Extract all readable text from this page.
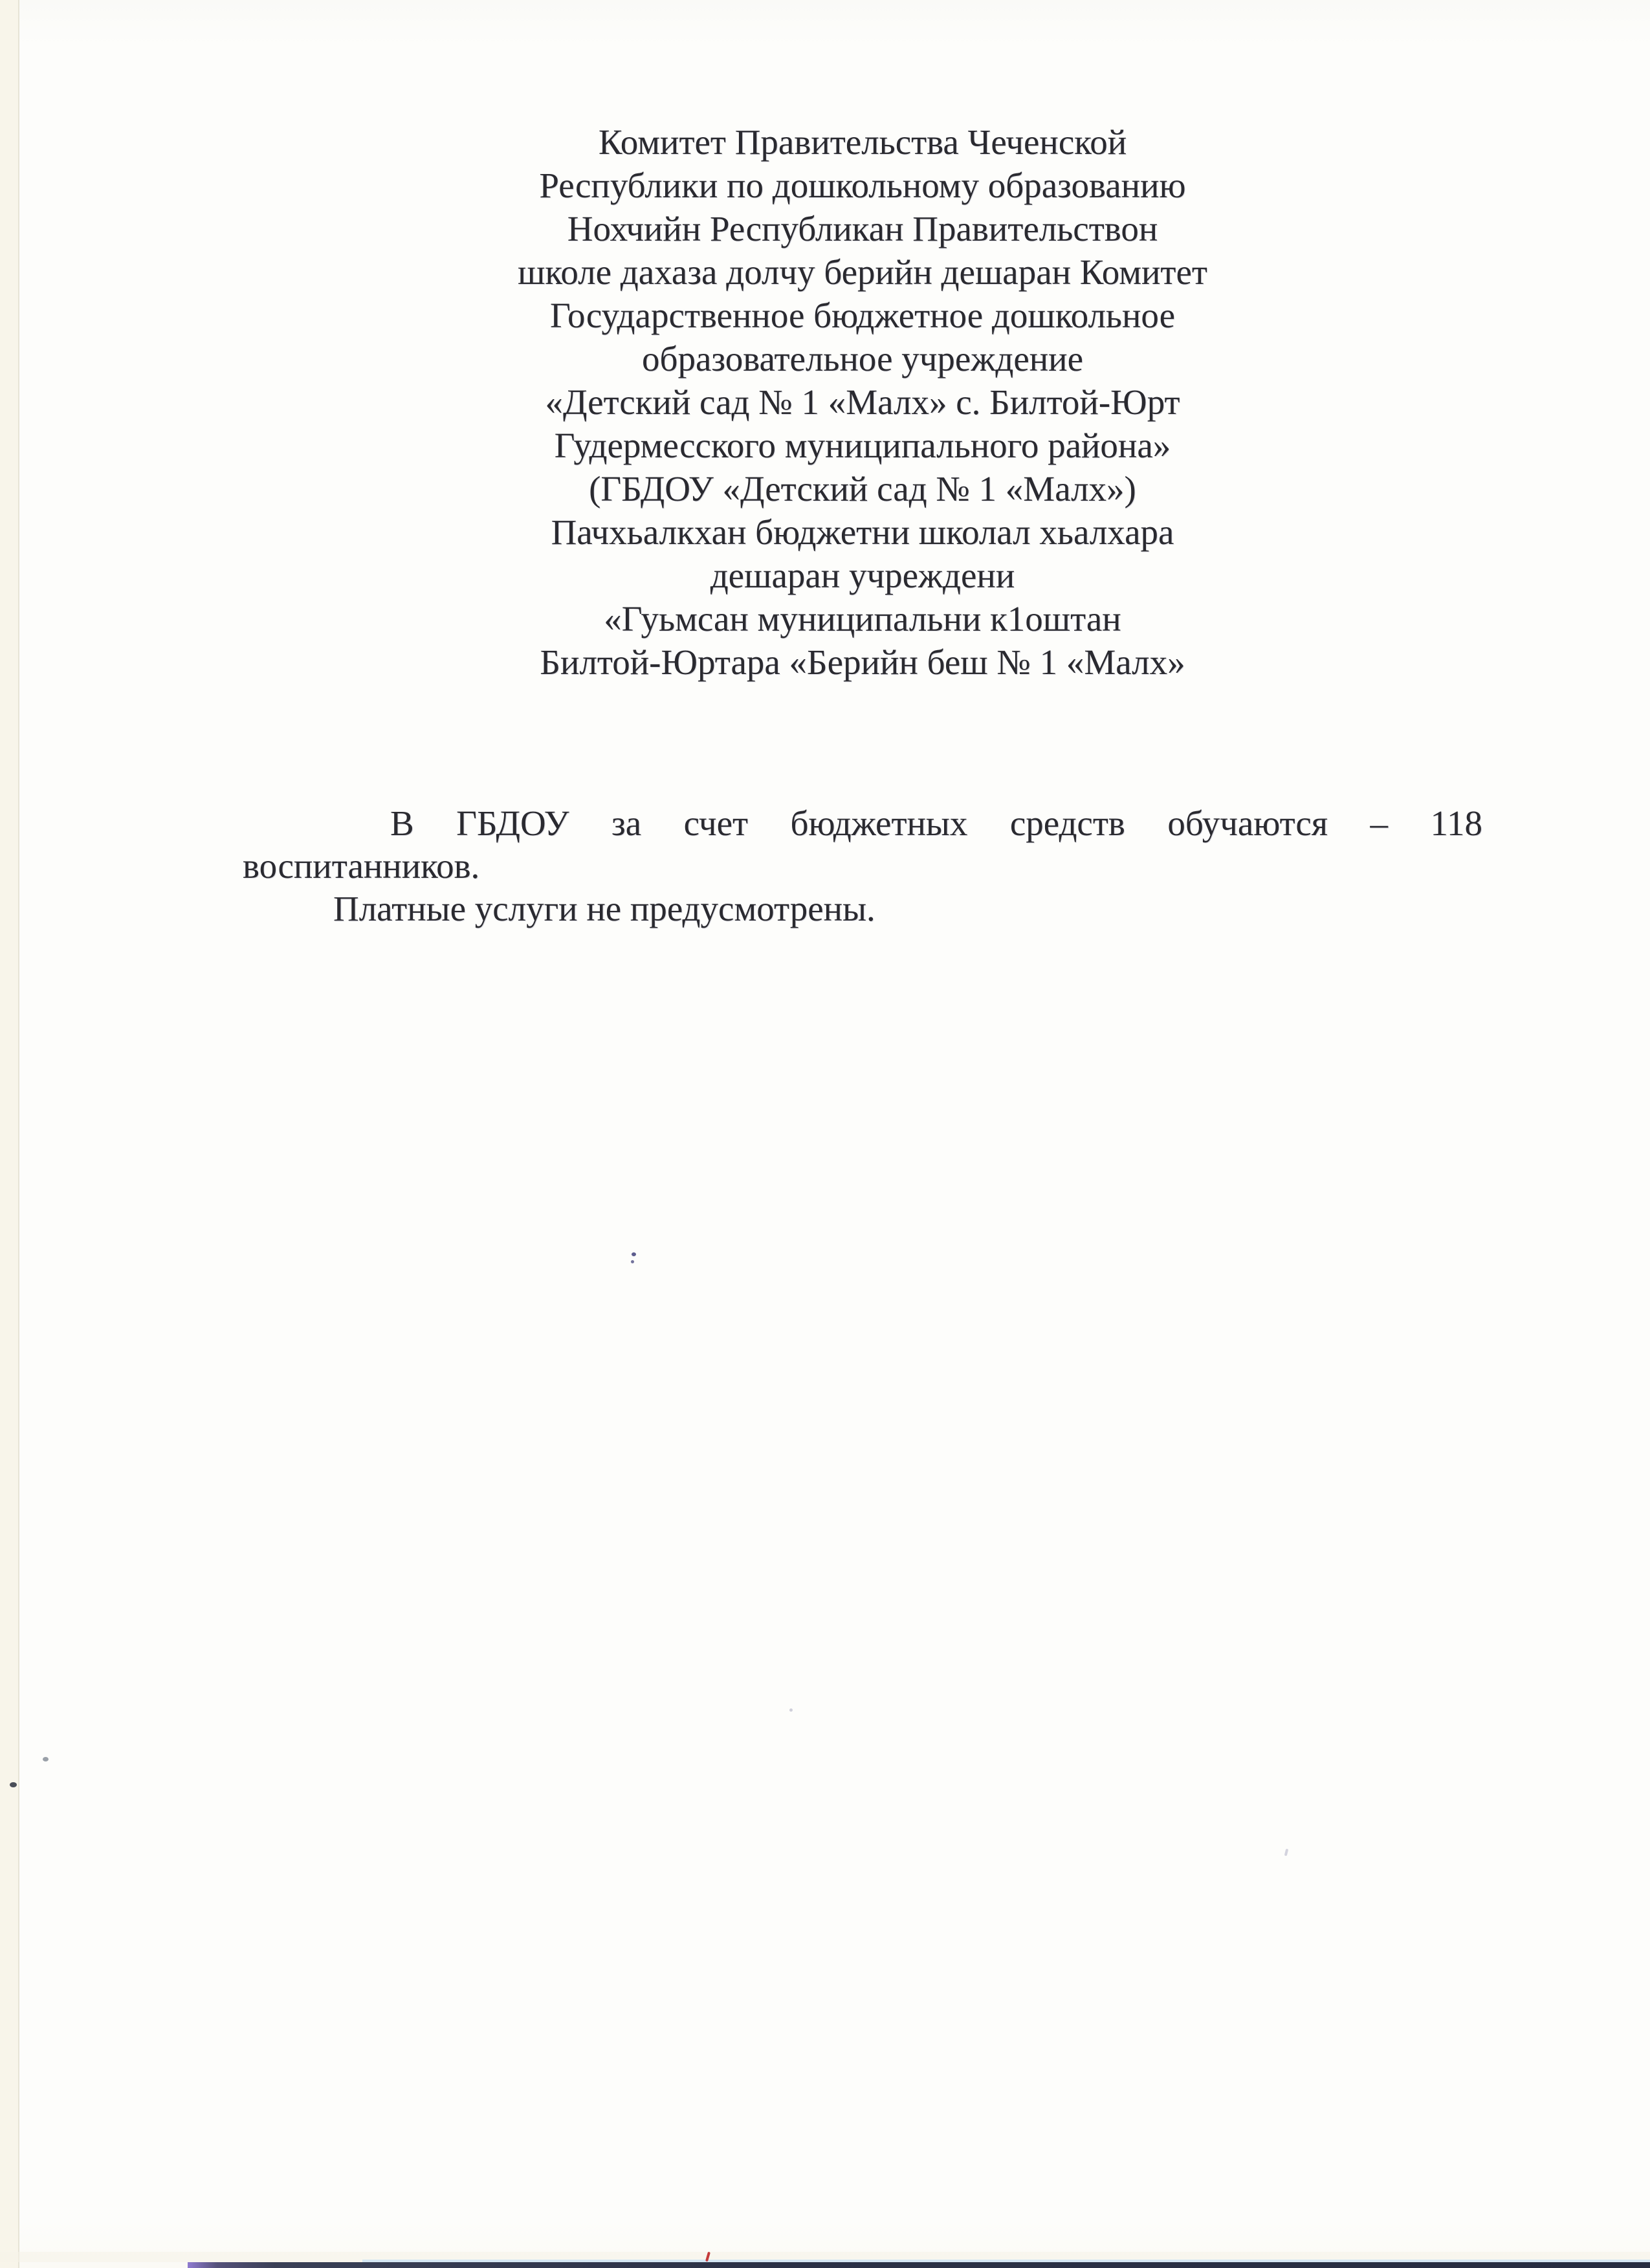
Комитет Правительства Чеченской
Республики по дошкольному образованию
Нохчийн Республикан Правительствон
школе дахаза долчу берийн дешаран Комитет
Государственное бюджетное дошкольное
образовательное учреждение
«Детский сад № 1 «Малх» с. Билтой-Юрт
Гудермесского муниципального района»
(ГБДОУ «Детский сад № 1 «Малх»)
Пачхьалкхан бюджетни школал хьалхара
дешаран учреждени
«Гуьмсан муниципальни к1оштан
Билтой-Юртара «Берийн беш № 1 «Малх»
В ГБДОУ за счет бюджетных средств обучаются – 118
воспитанников.
Платные услуги не предусмотрены.
